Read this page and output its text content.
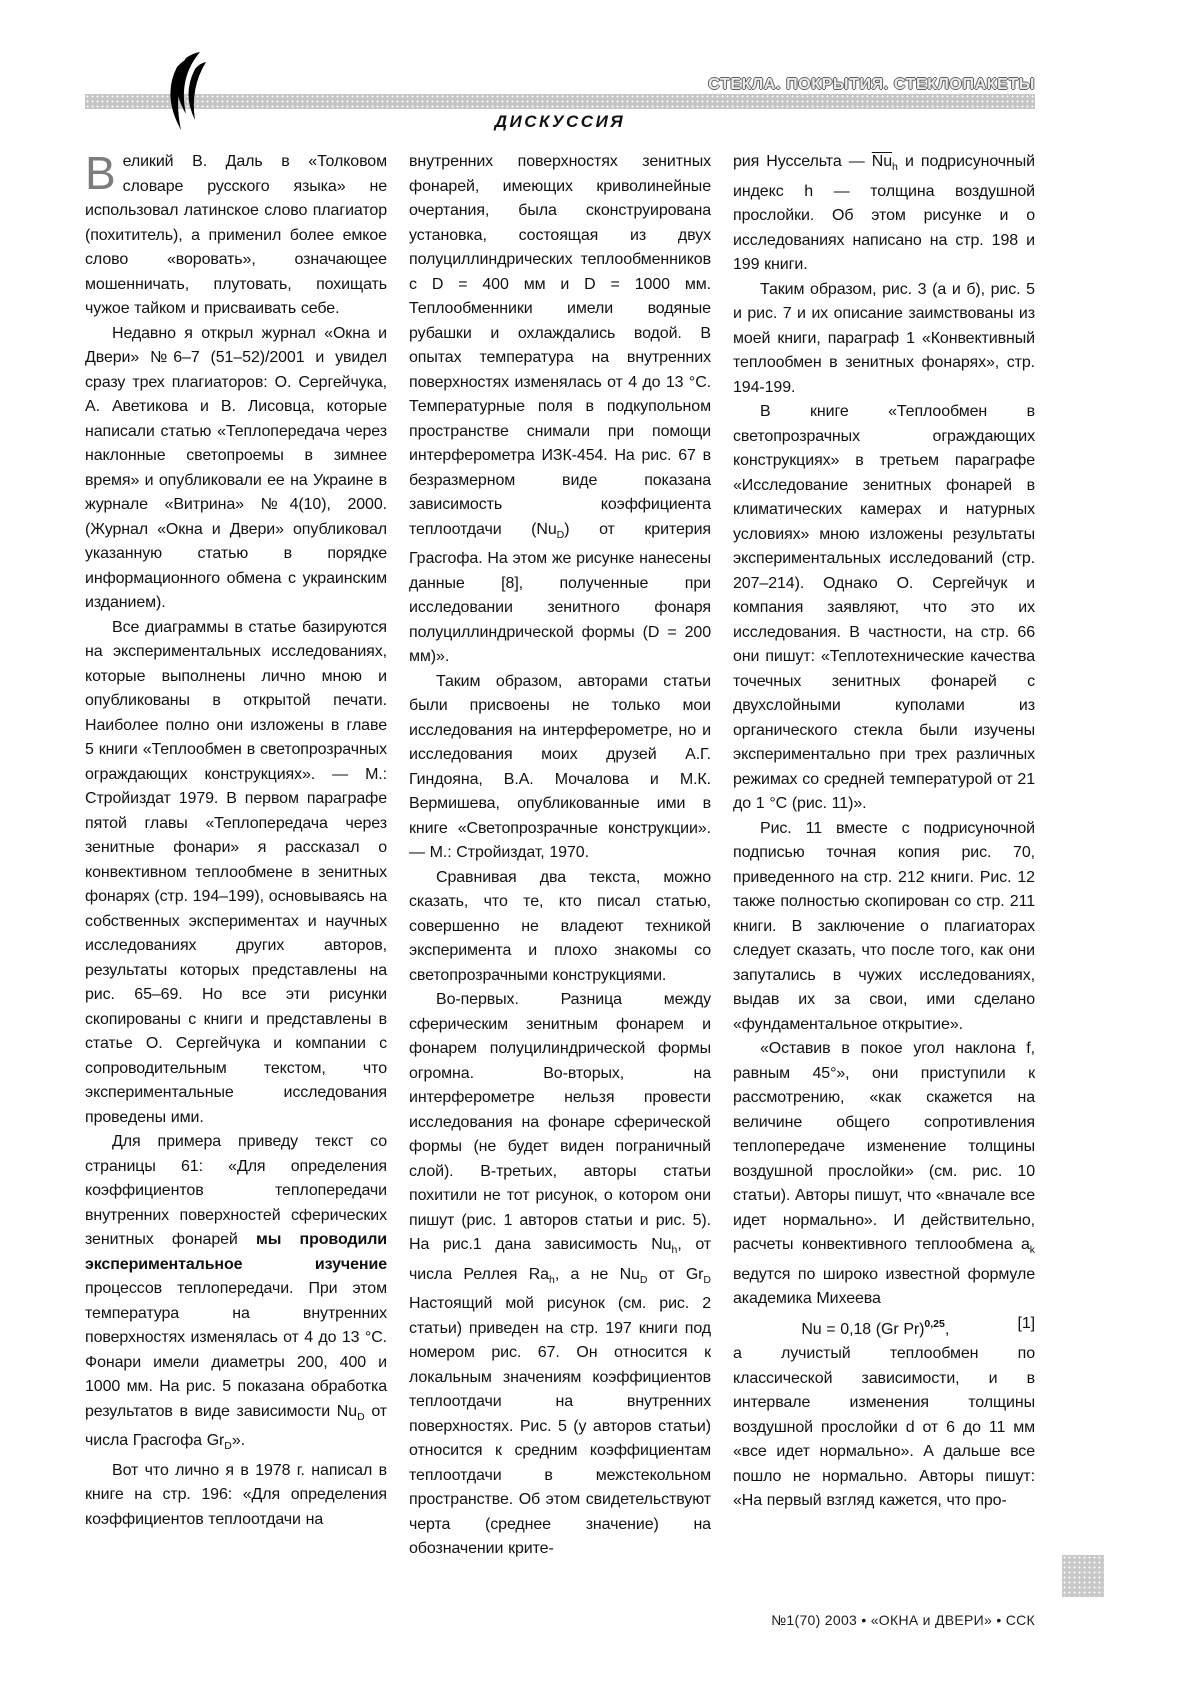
СТЕКЛА. ПОКРЫТИЯ. СТЕКЛОПАКЕТЫ
ДИСКУССИЯ

Великий В. Даль в «Толковом словаре русского языка» не использовал латинское слово плагиатор (похититель), а применил более емкое слово «воровать», означающее мошенничать, плутовать, похищать чужое тайком и присваивать себе.

Недавно я открыл журнал «Окна и Двери» №6–7 (51–52)/2001 и увидел сразу трех плагиаторов: О. Сергейчука, А. Аветикова и В. Лисовца, которые написали статью «Теплопередача через наклонные светопроемы в зимнее время» и опубликовали ее на Украине в журнале «Витрина» №4(10), 2000. (Журнал «Окна и Двери» опубликовал указанную статью в порядке информационного обмена с украинским изданием).

Все диаграммы в статье базируются на экспериментальных исследованиях, которые выполнены лично мною и опубликованы в открытой печати. Наиболее полно они изложены в главе 5 книги «Теплообмен в светопрозрачных ограждающих конструкциях». — М.: Стройиздат 1979. В первом параграфе пятой главы «Теплопередача через зенитные фонари» я рассказал о конвективном теплообмене в зенитных фонарях (стр. 194–199), основываясь на собственных экспериментах и научных исследованиях других авторов, результаты которых представлены на рис. 65–69. Но все эти рисунки скопированы с книги и представлены в статье О. Сергейчука и компании с сопроводительным текстом, что экспериментальные исследования проведены ими.

Для примера приведу текст со страницы 61: «Для определения коэффициентов теплопередачи внутренних поверхностей сферических зенитных фонарей мы проводили экспериментальное изучение процессов теплопередачи. При этом температура на внутренних поверхностях изменялась от 4 до 13 °С. Фонари имели диаметры 200, 400 и 1000 мм. На рис. 5 показана обработка результатов в виде зависимости $Nu_D$ от числа Грасгофа $Gr_D$».

Вот что лично я в 1978 г. написал в книге на стр. 196: «Для определения коэффициентов теплоотдачи на

внутренних поверхностях зенитных фонарей, имеющих криволинейные очертания, была сконструирована установка, состоящая из двух полуциллиндрических теплообменников с D = 400 мм и D = 1000 мм. Теплообменники имели водяные рубашки и охлаждались водой. В опытах температура на внутренних поверхностях изменялась от 4 до 13 °С. Температурные поля в подкупольном пространстве снимали при помощи интерферометра ИЗК-454. На рис. 67 в безразмерном виде показана зависимость коэффициента теплоотдачи $(Nu_D)$ от критерия Грасгофа. На этом же рисунке нанесены данные [8], полученные при исследовании зенитного фонаря полуциллиндрической формы (D = 200 мм)».

Таким образом, авторами статьи были присвоены не только мои исследования на интерферометре, но и исследования моих друзей А.Г. Гиндояна, В.А. Мочалова и М.К. Вермишева, опубликованные ими в книге «Светопрозрачные конструкции». — М.: Стройиздат, 1970.

Сравнивая два текста, можно сказать, что те, кто писал статью, совершенно не владеют техникой эксперимента и плохо знакомы со светопрозрачными конструкциями.

Во-первых. Разница между сферическим зенитным фонарем и фонарем полуцилиндрической формы огромна. Во-вторых, на интерферометре нельзя провести исследования на фонаре сферической формы (не будет виден пограничный слой). В-третьих, авторы статьи похитили не тот рисунок, о котором они пишут (рис. 1 авторов статьи и рис. 5). На рис.1 дана зависимость $Nu_h$, от числа Реллея $Ra_h$, а не $Nu_D$ от $Gr_D$ Настоящий мой рисунок (см. рис. 2 статьи) приведен на стр. 197 книги под номером рис. 67. Он относится к локальным значениям коэффициентов теплоотдачи на внутренних поверхностях. Рис. 5 (у авторов статьи) относится к средним коэффициентам теплоотдачи в межстекольном пространстве. Об этом свидетельствуют черта (среднее значение) на обозначении крите-

рия Нуссельта — $\overline{Nu}_h$ и подрисуночный индекс h — толщина воздушной прослойки. Об этом рисунке и о исследованиях написано на стр. 198 и 199 книги.

Таким образом, рис. 3 (а и б), рис. 5 и рис. 7 и их описание заимствованы из моей книги, параграф 1 «Конвективный теплообмен в зенитных фонарях», стр. 194-199.

В книге «Теплообмен в светопрозрачных ограждающих конструкциях» в третьем параграфе «Исследование зенитных фонарей в климатических камерах и натурных условиях» мною изложены результаты экспериментальных исследований (стр. 207–214). Однако О. Сергейчук и компания заявляют, что это их исследования. В частности, на стр. 66 они пишут: «Теплотехнические качества точечных зенитных фонарей с двухслойными куполами из органического стекла были изучены экспериментально при трех различных режимах со средней температурой от 21 до 1 °С (рис. 11)».

Рис. 11 вместе с подрисуночной подписью точная копия рис. 70, приведенного на стр. 212 книги. Рис. 12 также полностью скопирован со стр. 211 книги. В заключение о плагиаторах следует сказать, что после того, как они запутались в чужих исследованиях, выдав их за свои, ими сделано «фундаментальное открытие».

«Оставив в покое угол наклона f, равным 45°», они приступили к рассмотрению, «как скажется на величине общего сопротивления теплопередаче изменение толщины воздушной прослойки» (см. рис. 10 статьи). Авторы пишут, что «вначале все идет нормально». И действительно, расчеты конвективного теплообмена $а_k$ ведутся по широко известной формуле академика Михеева

Nu = 0,18 (Gr Pr)$^{0,25}$,	[1]

а лучистый теплообмен по классической зависимости, и в интервале изменения толщины воздушной прослойки d от 6 до 11 мм «все идет нормально». А дальше все пошло не нормально. Авторы пишут: «На первый взгляд кажется, что про-

№1(70) 2003 • «ОКНА и ДВЕРИ» • ССК
